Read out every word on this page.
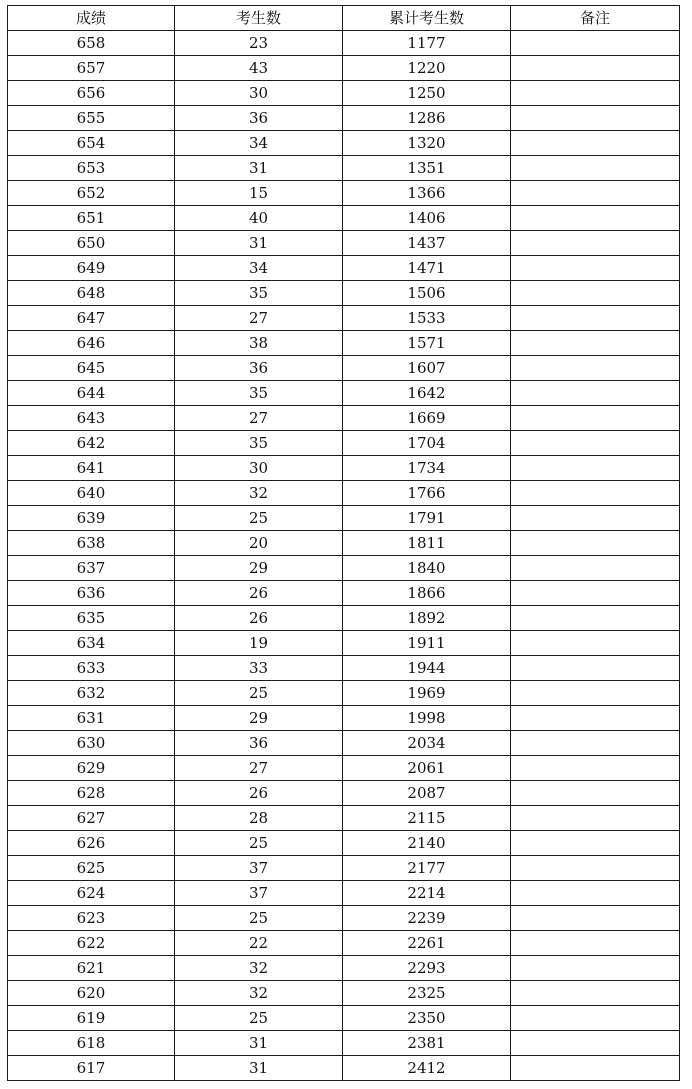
成绩	考生数	累计考生数	备注
658	23	1177	
657	43	1220	
656	30	1250	
655	36	1286	
654	34	1320	
653	31	1351	
652	15	1366	
651	40	1406	
650	31	1437	
649	34	1471	
648	35	1506	
647	27	1533	
646	38	1571	
645	36	1607	
644	35	1642	
643	27	1669	
642	35	1704	
641	30	1734	
640	32	1766	
639	25	1791	
638	20	1811	
637	29	1840	
636	26	1866	
635	26	1892	
634	19	1911	
633	33	1944	
632	25	1969	
631	29	1998	
630	36	2034	
629	27	2061	
628	26	2087	
627	28	2115	
626	25	2140	
625	37	2177	
624	37	2214	
623	25	2239	
622	22	2261	
621	32	2293	
620	32	2325	
619	25	2350	
618	31	2381	
617	31	2412	
